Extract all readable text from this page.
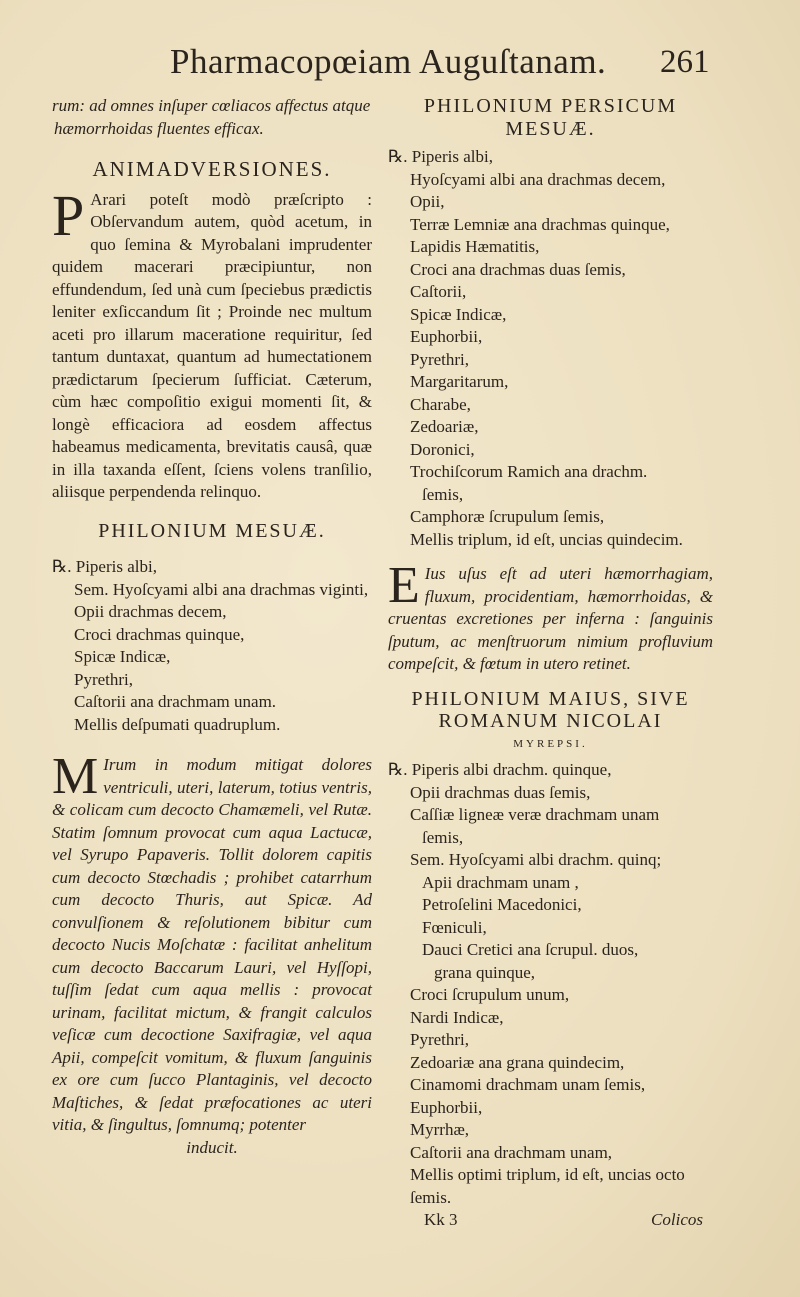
Pharmacopœiam Auguſtanam. 261
rum: ad omnes inſuper cœliacos affectus atque
hæmorrhoidas fluentes efficax.
ANIMADVERSIONES.
P Arari poteſt modò præſcripto : Obſervandum autem, quòd acetum, in quo ſemina & Myrobalani imprudenter quidem macerari præcipiuntur, non effundendum, ſed unà cum ſpeciebus prædictis leniter exſiccandum ſit ; Proinde nec multum aceti pro illarum maceratione requiritur, ſed tantum duntaxat, quantum ad humectationem prædictarum ſpecierum ſufficiat. Cæterum, cùm hæc compoſitio exigui momenti ſit, & longè efficaciora ad eosdem affectus habeamus medicamenta, brevitatis causâ, quæ in illa taxanda eſſent, ſciens volens tranſilio, aliisque perpendenda relinquo.
PHILONIUM MESUÆ.
℞. Piperis albi,
Sem. Hyoſcyami albi ana drachmas viginti,
Opii drachmas decem,
Croci drachmas quinque,
Spicæ Indicæ,
Pyrethri,
Caſtorii ana drachmam unam.
Mellis deſpumati quadruplum.
M Irum in modum mitigat dolores ventriculi, uteri, laterum, totius ventris, & colicam cum decocto Chamæmeli, vel Rutæ. Statim ſomnum provocat cum aqua Lactucæ, vel Syrupo Papaveris. Tollit dolorem capitis cum decocto Stœchadis ; prohibet catarrhum cum decocto Thuris, aut Spicæ. Ad convulſionem & reſolutionem bibitur cum decocto Nucis Moſchatæ : facilitat anhelitum cum decocto Baccarum Lauri, vel Hyſſopi, tuſſim ſedat cum aqua mellis : provocat urinam, facilitat mictum, & frangit calculos veſicæ cum decoctione Saxifragiæ, vel aqua Apii, compeſcit vomitum, & fluxum ſanguinis ex ore cum ſucco Plantaginis, vel decocto Maſtiches, & ſedat præfocationes ac uteri vitia, & ſingultus, ſomnumq; potenter
inducit.
PHILONIUM PERSICUM
MESUÆ.
℞. Piperis albi,
Hyoſcyami albi ana drachmas decem,
Opii,
Terræ Lemniæ ana drachmas quinque,
Lapidis Hæmatitis,
Croci ana drachmas duas ſemis,
Caſtorii,
Spicæ Indicæ,
Euphorbii,
Pyrethri,
Margaritarum,
Charabe,
Zedoariæ,
Doronici,
Trochiſcorum Ramich ana drachm.
ſemis,
Camphoræ ſcrupulum ſemis,
Mellis triplum, id eſt, uncias quindecim.
E Ius uſus eſt ad uteri hæmorrhagiam, fluxum, procidentiam, hæmorrhoidas, & cruentas excretiones per inferna : ſanguinis ſputum, ac menſtruorum nimium profluvium compeſcit, & fœtum in utero retinet.
PHILONIUM MAIUS, SIVE
ROMANUM NICOLAI
MYREPSI.
℞. Piperis albi drachm. quinque,
Opii drachmas duas ſemis,
Caſſiæ ligneæ veræ drachmam unam
ſemis,
Sem. Hyoſcyami albi drachm. quinq;
Apii drachmam unam ,
Petroſelini Macedonici,
Fœniculi,
Dauci Cretici ana ſcrupul. duos,
grana quinque,
Croci ſcrupulum unum,
Nardi Indicæ,
Pyrethri,
Zedoariæ ana grana quindecim,
Cinamomi drachmam unam ſemis,
Euphorbii,
Myrrhæ,
Caſtorii ana drachmam unam,
Mellis optimi triplum, id eſt, uncias octo ſemis.
Kk 3	Colicos
